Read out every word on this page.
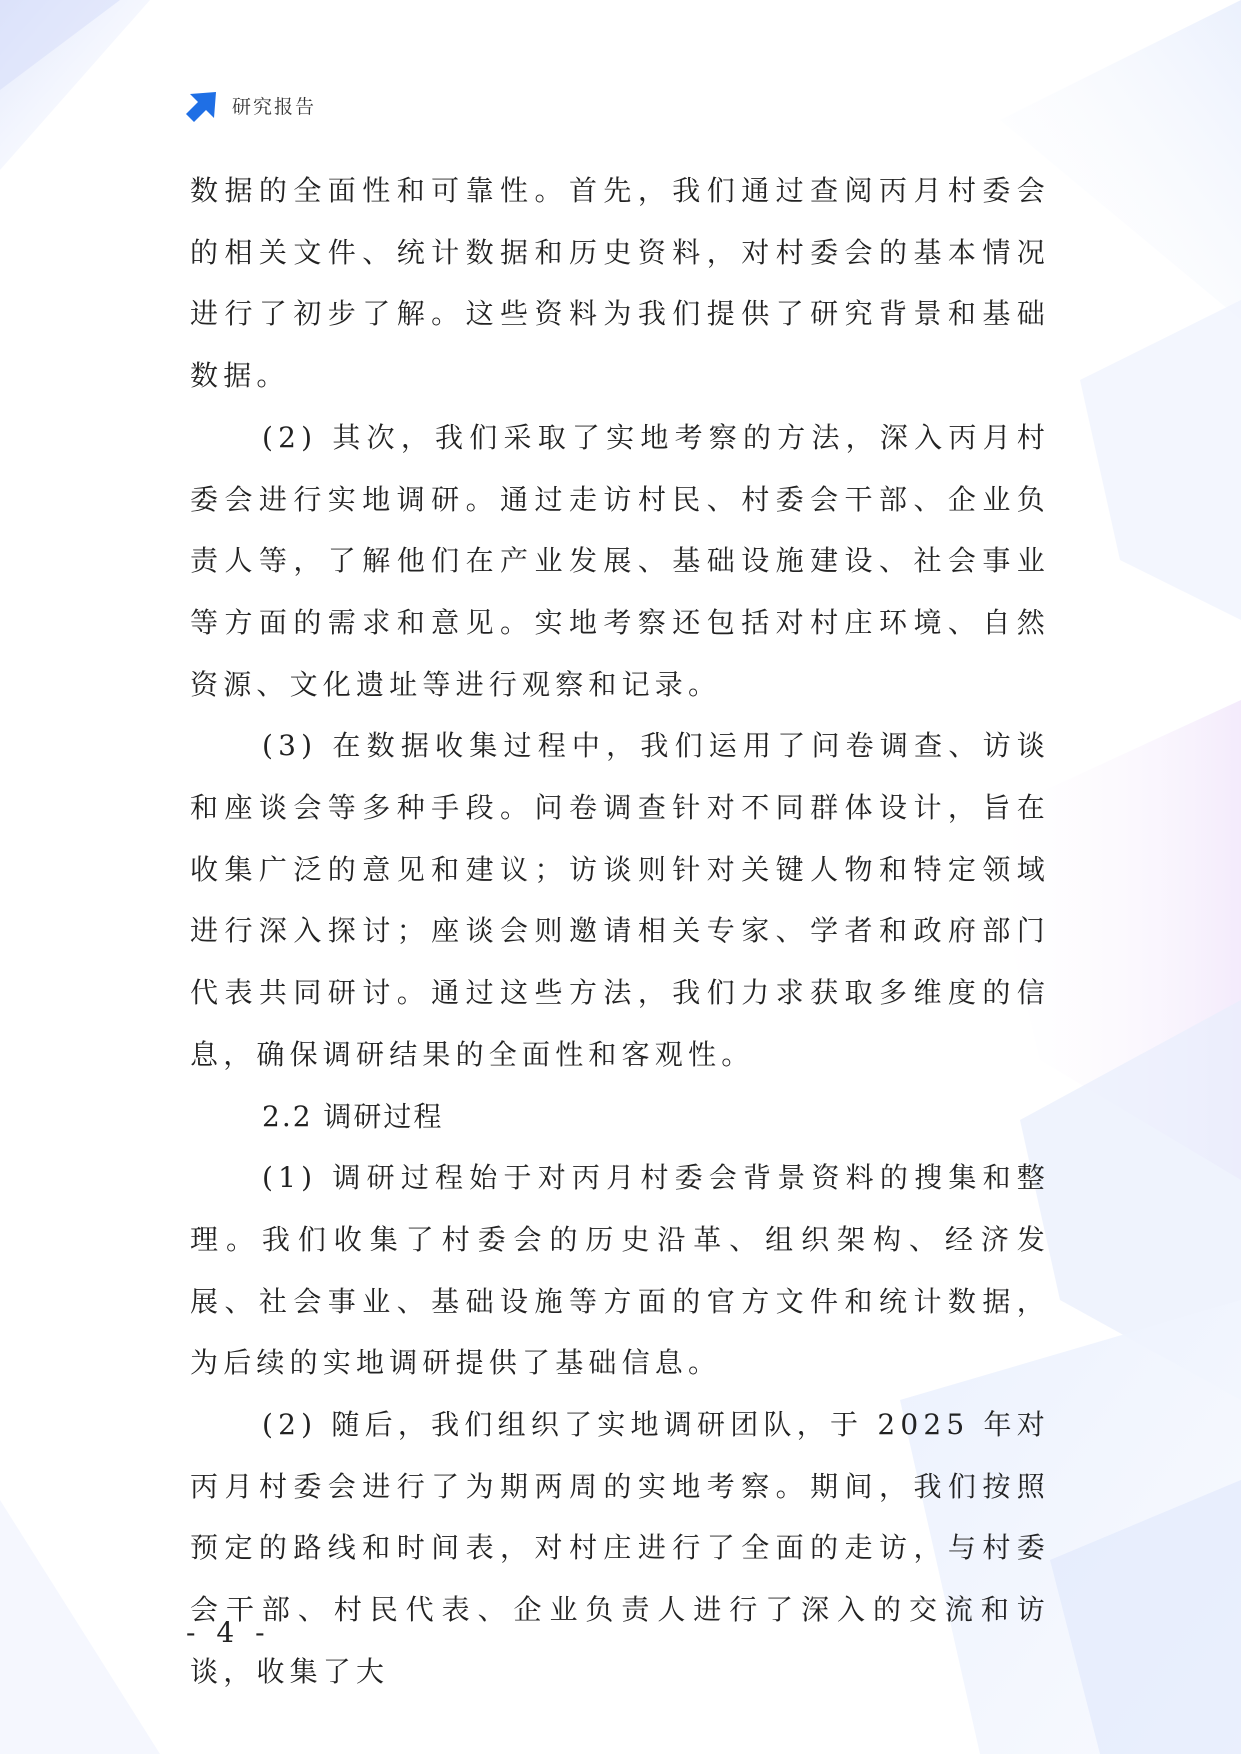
研究报告

数据的全面性和可靠性。首先，我们通过查阅丙月村委会的相关文件、统计数据和历史资料，对村委会的基本情况进行了初步了解。这些资料为我们提供了研究背景和基础数据。

(2) 其次，我们采取了实地考察的方法，深入丙月村委会进行实地调研。通过走访村民、村委会干部、企业负责人等，了解他们在产业发展、基础设施建设、社会事业等方面的需求和意见。实地考察还包括对村庄环境、自然资源、文化遗址等进行观察和记录。

(3) 在数据收集过程中，我们运用了问卷调查、访谈和座谈会等多种手段。问卷调查针对不同群体设计，旨在收集广泛的意见和建议；访谈则针对关键人物和特定领域进行深入探讨；座谈会则邀请相关专家、学者和政府部门代表共同研讨。通过这些方法，我们力求获取多维度的信息，确保调研结果的全面性和客观性。

2.2 调研过程

(1) 调研过程始于对丙月村委会背景资料的搜集和整理。我们收集了村委会的历史沿革、组织架构、经济发展、社会事业、基础设施等方面的官方文件和统计数据，为后续的实地调研提供了基础信息。

(2) 随后，我们组织了实地调研团队，于 2025 年对丙月村委会进行了为期两周的实地考察。期间，我们按照预定的路线和时间表，对村庄进行了全面的走访，与村委会干部、村民代表、企业负责人进行了深入的交流和访谈，收集了大

- 4 -
